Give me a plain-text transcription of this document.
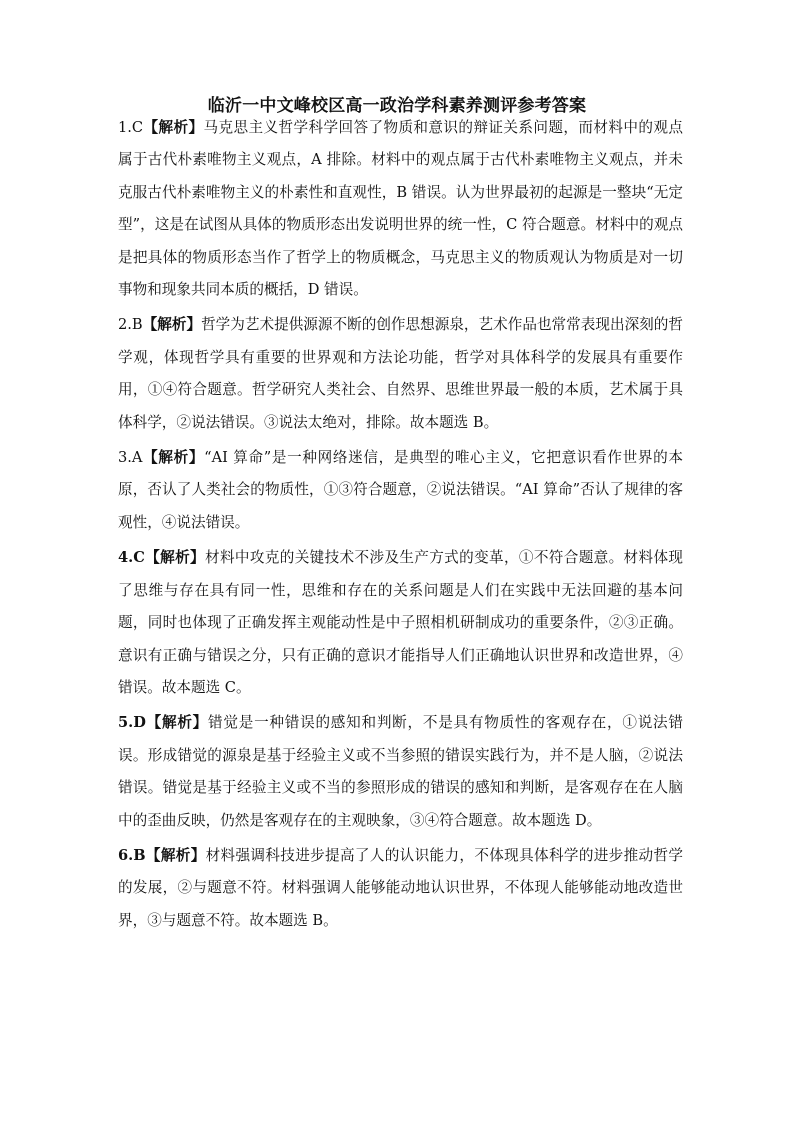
临沂一中文峰校区高一政治学科素养测评参考答案

1.C【解析】马克思主义哲学科学回答了物质和意识的辩证关系问题，而材料中的观点属于古代朴素唯物主义观点，A 排除。材料中的观点属于古代朴素唯物主义观点，并未克服古代朴素唯物主义的朴素性和直观性，B 错误。认为世界最初的起源是一整块“无定型”，这是在试图从具体的物质形态出发说明世界的统一性，C 符合题意。材料中的观点是把具体的物质形态当作了哲学上的物质概念，马克思主义的物质观认为物质是对一切事物和现象共同本质的概括，D 错误。

2.B【解析】哲学为艺术提供源源不断的创作思想源泉，艺术作品也常常表现出深刻的哲学观，体现哲学具有重要的世界观和方法论功能，哲学对具体科学的发展具有重要作用，①④符合题意。哲学研究人类社会、自然界、思维世界最一般的本质，艺术属于具体科学，②说法错误。③说法太绝对，排除。故本题选 B。

3.A【解析】“AI 算命”是一种网络迷信，是典型的唯心主义，它把意识看作世界的本原，否认了人类社会的物质性，①③符合题意，②说法错误。“AI 算命”否认了规律的客观性，④说法错误。

4.C【解析】材料中攻克的关键技术不涉及生产方式的变革，①不符合题意。材料体现了思维与存在具有同一性，思维和存在的关系问题是人们在实践中无法回避的基本问题，同时也体现了正确发挥主观能动性是中子照相机研制成功的重要条件，②③正确。意识有正确与错误之分，只有正确的意识才能指导人们正确地认识世界和改造世界，④错误。故本题选 C。

5.D【解析】错觉是一种错误的感知和判断，不是具有物质性的客观存在，①说法错误。形成错觉的源泉是基于经验主义或不当参照的错误实践行为，并不是人脑，②说法错误。错觉是基于经验主义或不当的参照形成的错误的感知和判断，是客观存在在人脑中的歪曲反映，仍然是客观存在的主观映象，③④符合题意。故本题选 D。

6.B【解析】材料强调科技进步提高了人的认识能力，不体现具体科学的进步推动哲学的发展，②与题意不符。材料强调人能够能动地认识世界，不体现人能够能动地改造世界，③与题意不符。故本题选 B。
